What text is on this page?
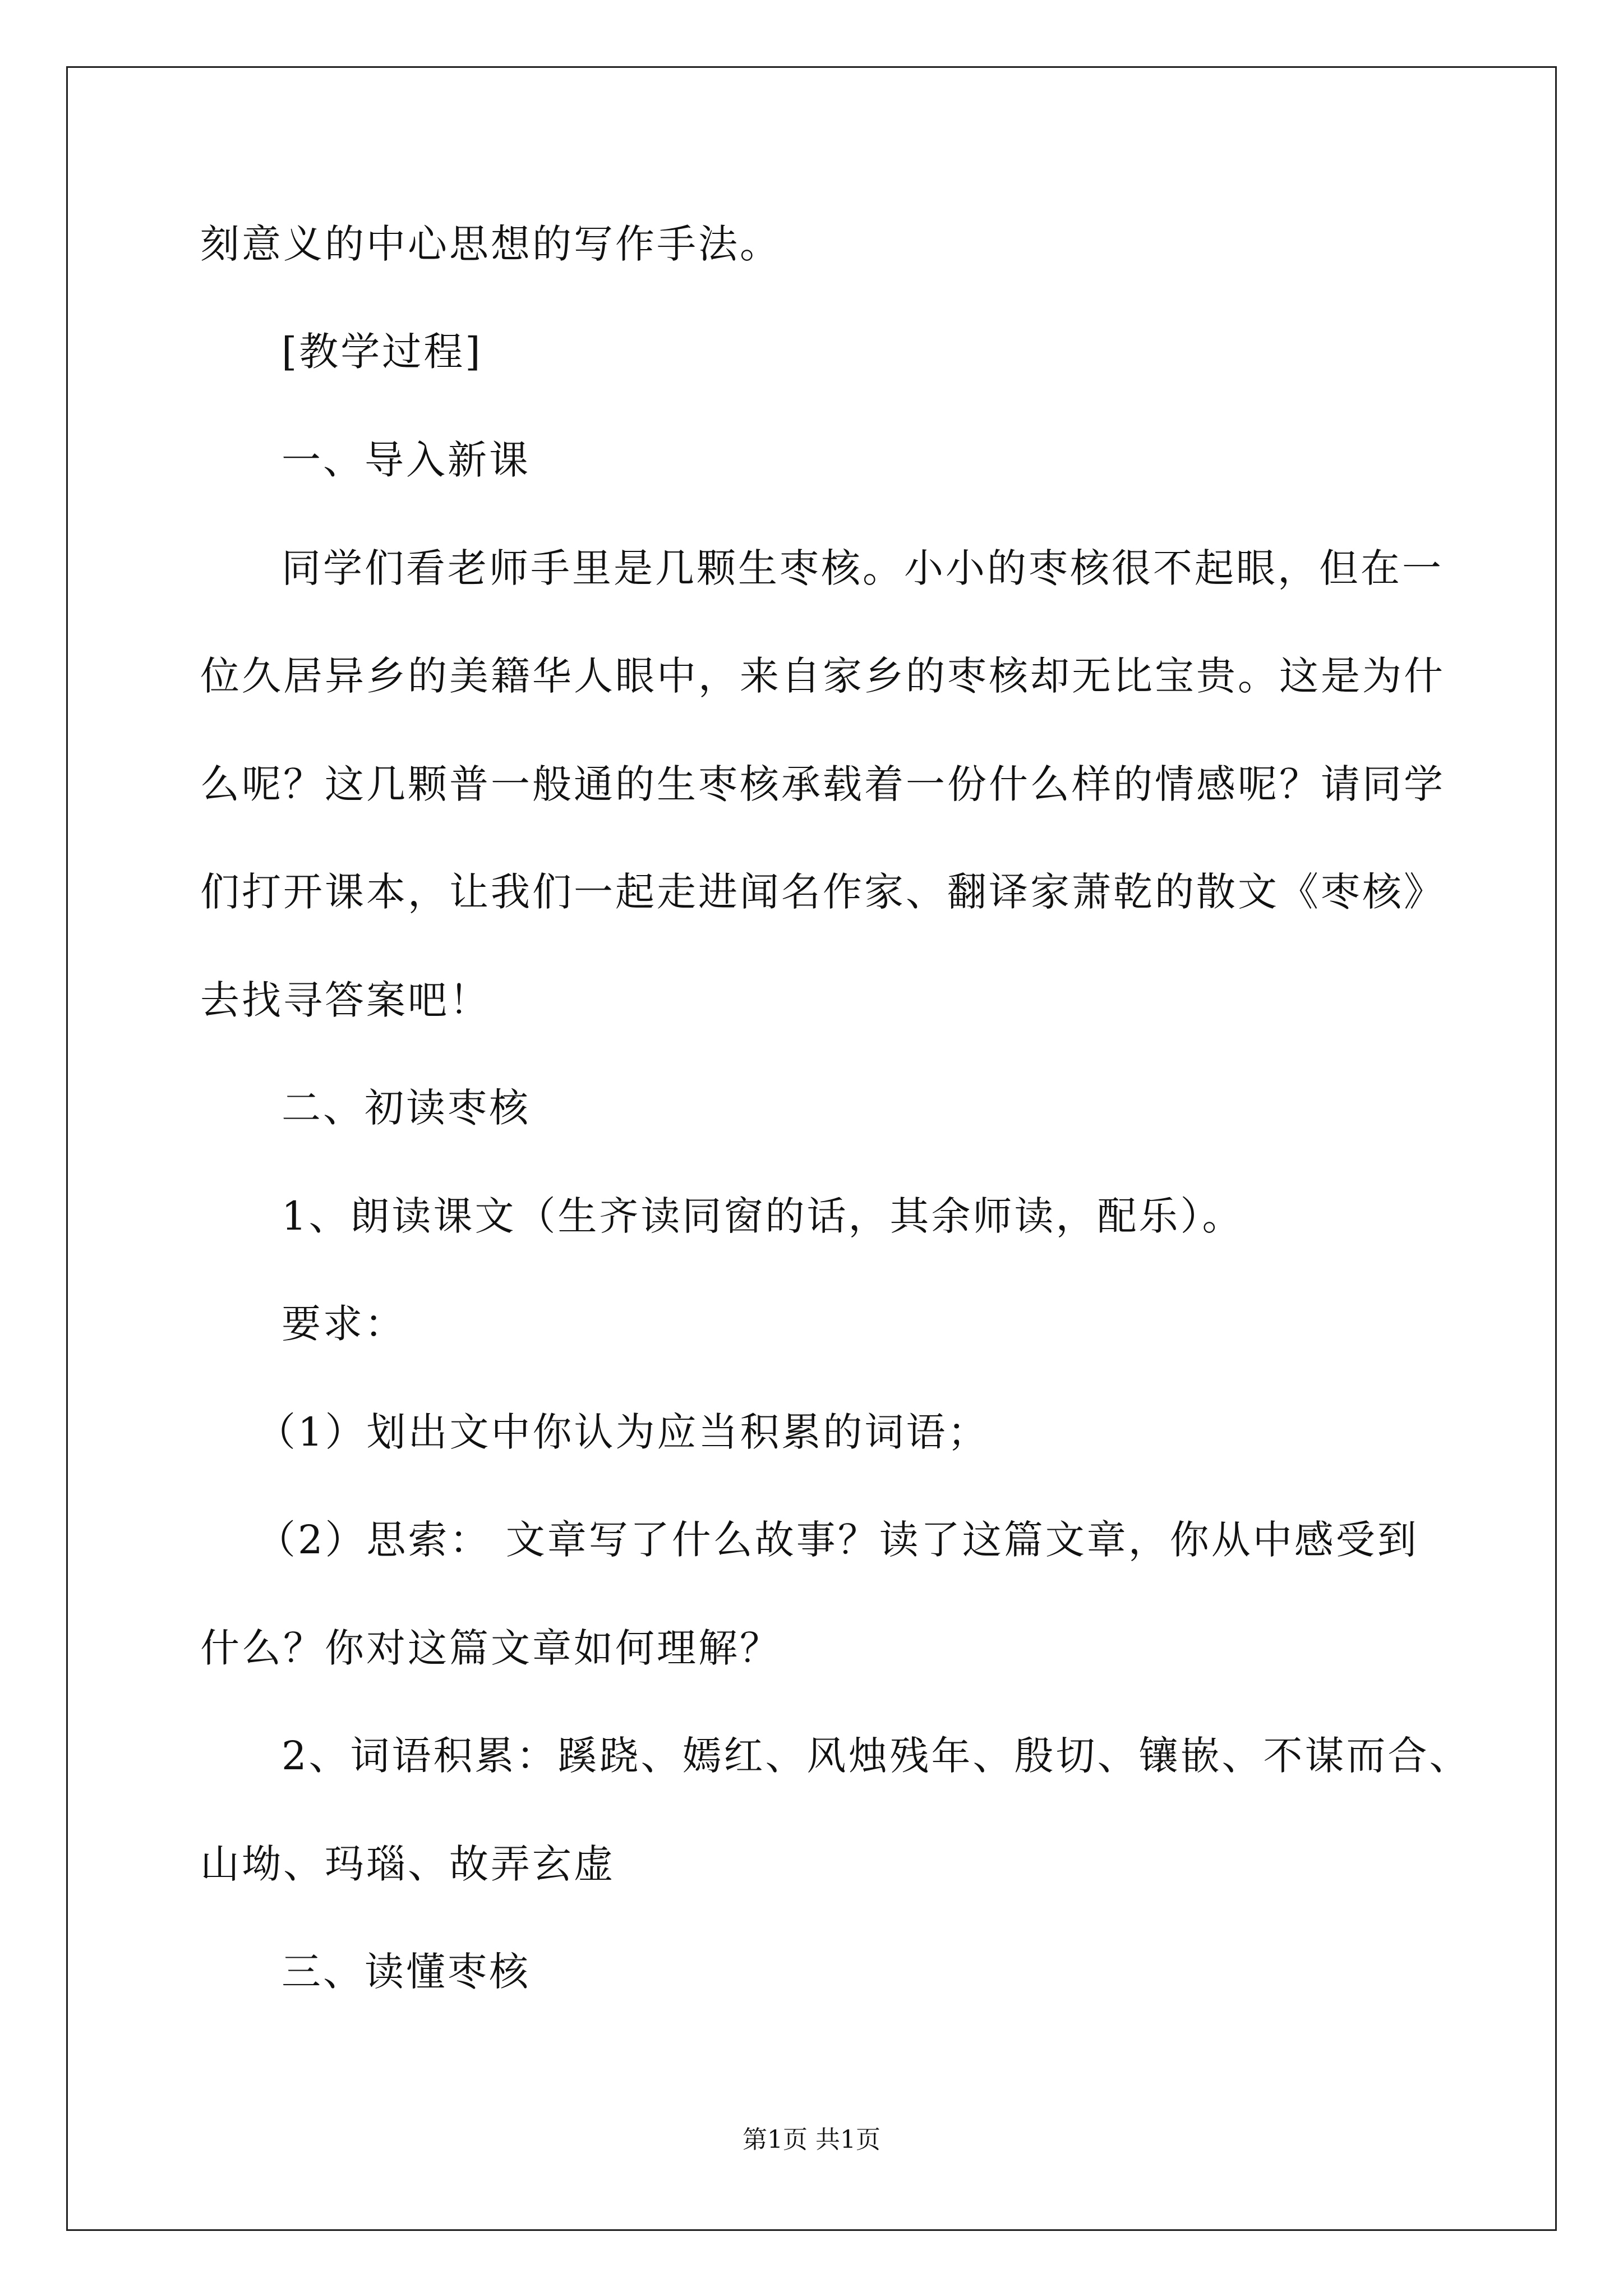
刻意义的中心思想的写作手法。
[教学过程]
一、导入新课
同学们看老师手里是几颗生枣核。小小的枣核很不起眼，但在一
位久居异乡的美籍华人眼中，来自家乡的枣核却无比宝贵。这是为什
么呢？这几颗普一般通的生枣核承载着一份什么样的情感呢？请同学
们打开课本，让我们一起走进闻名作家、翻译家萧乾的散文《枣核》
去找寻答案吧！
二、初读枣核
1、朗读课文（生齐读同窗的话，其余师读，配乐）。
要求：
（1）划出文中你认为应当积累的词语；
（2）思索： 文章写了什么故事？读了这篇文章，你从中感受到
什么？你对这篇文章如何理解？
2、词语积累：蹊跷、嫣红、风烛残年、殷切、镶嵌、不谋而合、
山坳、玛瑙、故弄玄虚
三、读懂枣核
第1页 共1页
